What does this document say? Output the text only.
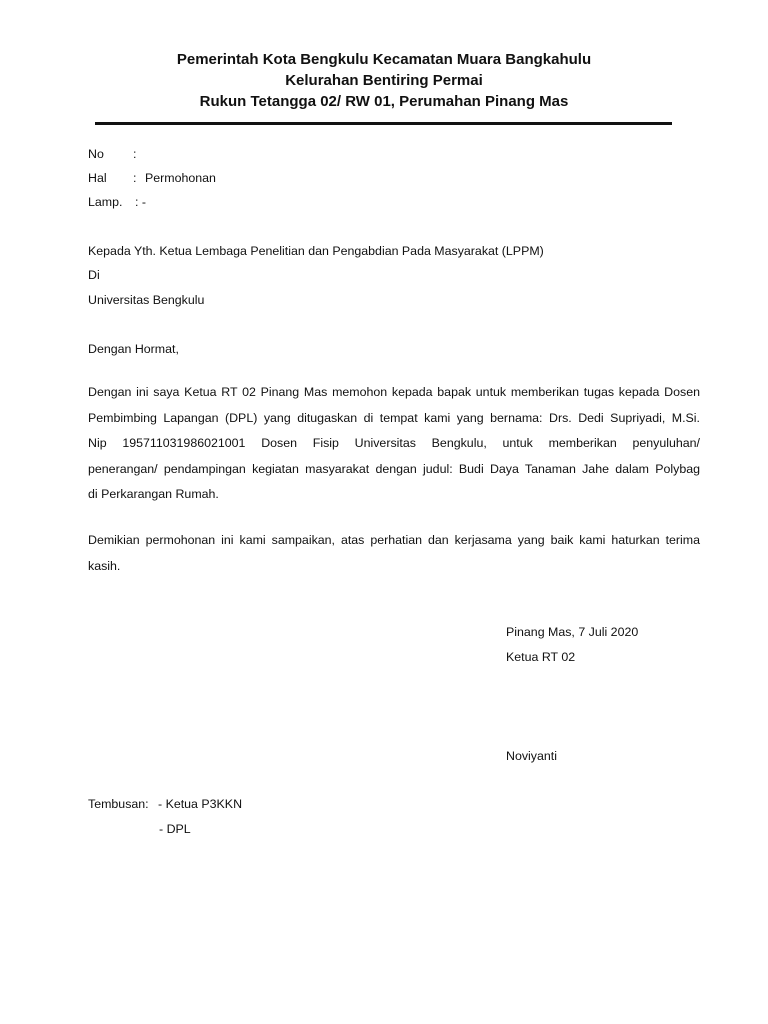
Pemerintah Kota Bengkulu Kecamatan Muara Bangkahulu
Kelurahan Bentiring Permai
Rukun Tetangga 02/ RW 01, Perumahan Pinang Mas
No :
Hal : Permohonan
Lamp. : -
Kepada Yth. Ketua Lembaga Penelitian dan Pengabdian Pada Masyarakat (LPPM)
Di
Universitas Bengkulu
Dengan Hormat,
Dengan ini saya Ketua RT 02 Pinang Mas memohon kepada bapak untuk memberikan tugas kepada Dosen
Pembimbing Lapangan (DPL) yang ditugaskan di tempat kami yang bernama: Drs. Dedi Supriyadi, M.Si.
Nip 195711031986021001 Dosen Fisip Universitas Bengkulu, untuk memberikan penyuluhan/
penerangan/ pendampingan kegiatan masyarakat dengan judul: Budi Daya Tanaman Jahe dalam Polybag
di Perkarangan Rumah.
Demikian permohonan ini kami sampaikan, atas perhatian dan kerjasama yang baik kami haturkan terima
kasih.
Pinang Mas, 7 Juli 2020
Ketua RT 02
Noviyanti
Tembusan: - Ketua P3KKN
- DPL
